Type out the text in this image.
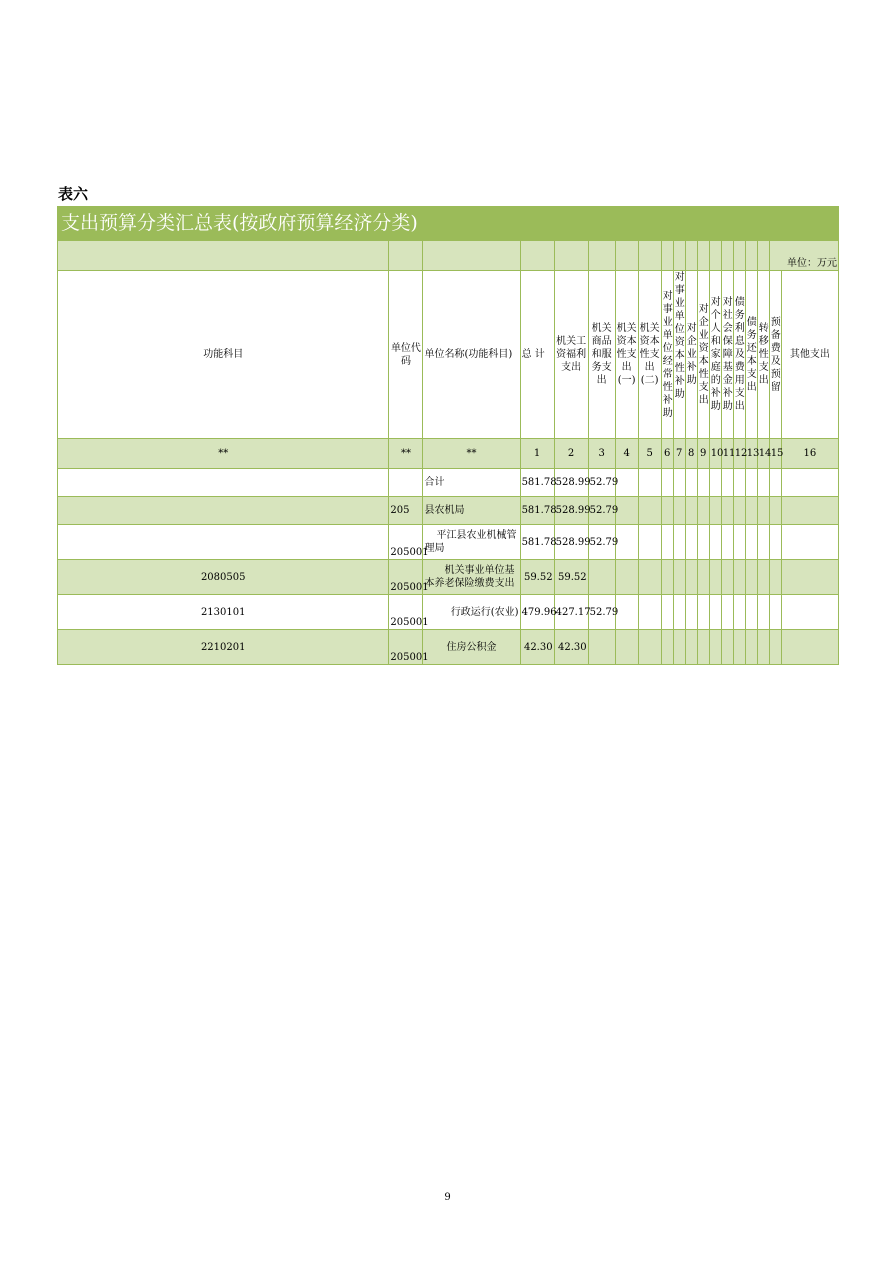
表六
支出预算分类汇总表(按政府预算经济分类)
																	单位：万元	
功能科目	单位代码	单位名称(功能科目)	总 计	机关工资福利支出	机关商品和服务支出	机关资本性支出(一)	机关资本性支出(二)	对事业单位经常性补助	对事业单位资本性补助	对企业补助	对企业资本性支出	对个人和家庭的补助	对社会保障基金补助	债务利息及费用支出	债务还本支出	转移性支出	预备费及预留	其他支出
**	**	**	1	2	3	4	5	6	7	8	9	10	11	12	13	14	15	16
		合计	581.78	528.99	52.79													
	205	县农机局	581.78	528.99	52.79													
	205001	平江县农业机械管理局	581.78	528.99	52.79													
2080505	205001	机关事业单位基本养老保险缴费支出	59.52	59.52														
2130101	205001	行政运行(农业)	479.96	427.17	52.79													
2210201	205001	住房公积金	42.30	42.30														
9
